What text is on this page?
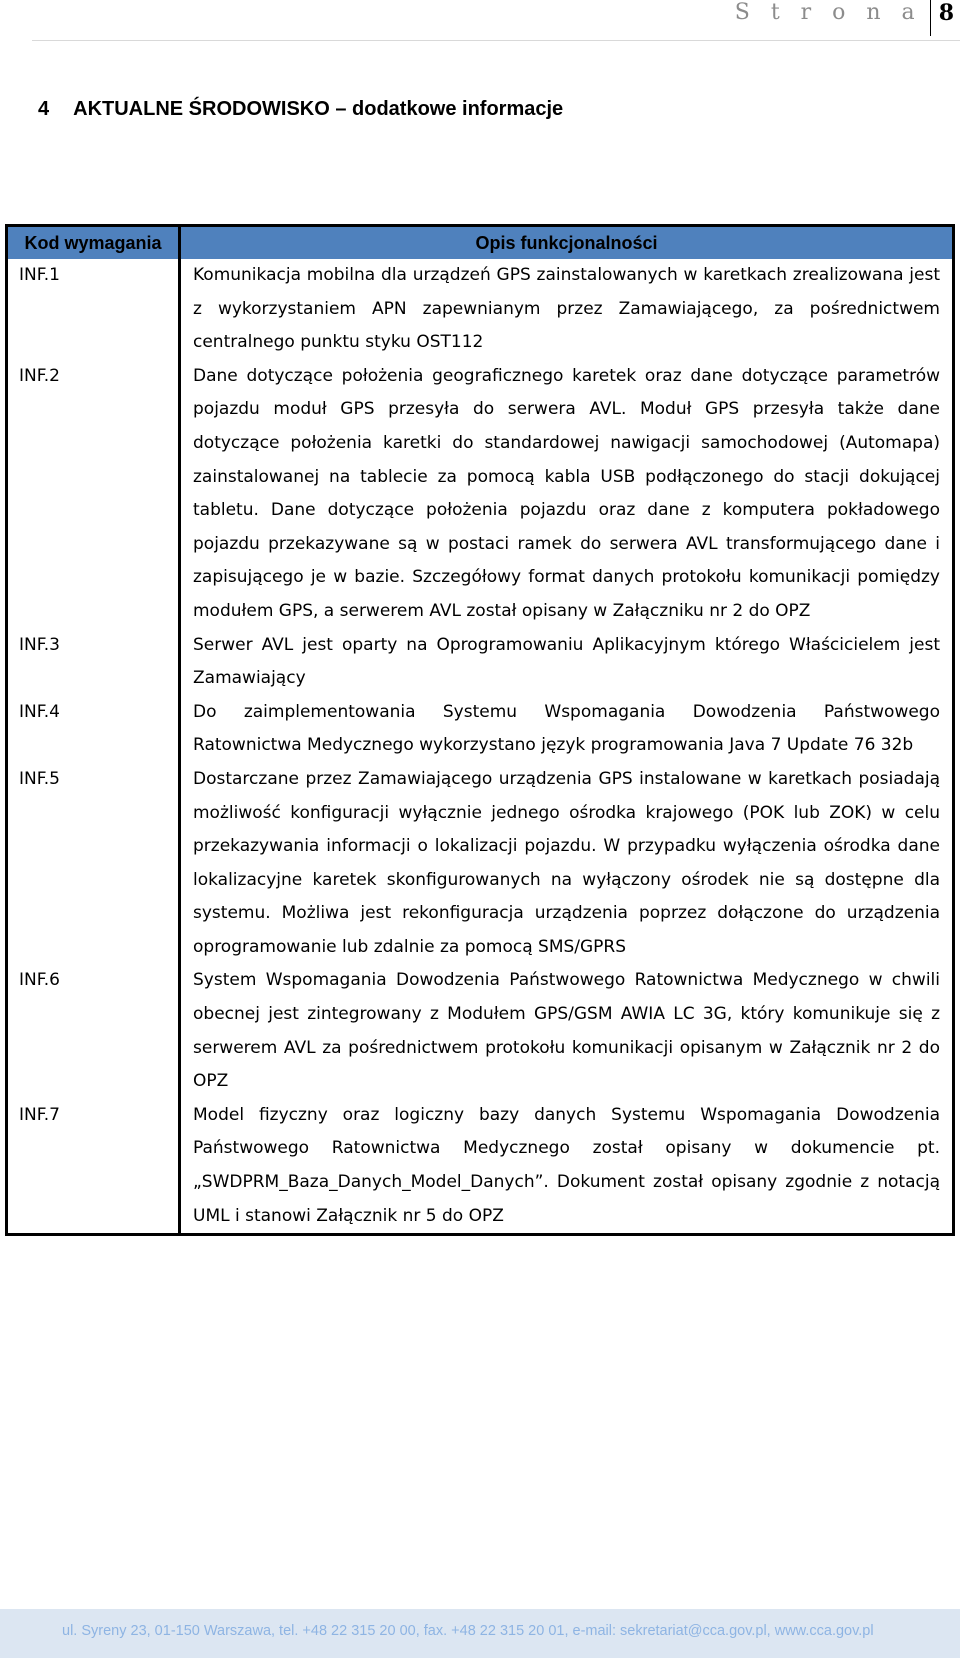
S t r o n a 8
4 AKTUALNE ŚRODOWISKO – dodatkowe informacje
Kod wymagania	Opis funkcjonalności
INF.1	Komunikacja mobilna dla urządzeń GPS zainstalowanych w karetkach zrealizowana jest z wykorzystaniem APN zapewnianym przez Zamawiającego, za pośrednictwem centralnego punktu styku OST112
INF.2	Dane dotyczące położenia geograficznego karetek oraz dane dotyczące parametrów pojazdu moduł GPS przesyła do serwera AVL. Moduł GPS przesyła także dane dotyczące położenia karetki do standardowej nawigacji samochodowej (Automapa) zainstalowanej na tablecie za pomocą kabla USB podłączonego do stacji dokującej tabletu. Dane dotyczące położenia pojazdu oraz dane z komputera pokładowego pojazdu przekazywane są w postaci ramek do serwera AVL transformującego dane i zapisującego je w bazie. Szczegółowy format danych protokołu komunikacji pomiędzy modułem GPS, a serwerem AVL został opisany w Załączniku nr 2 do OPZ
INF.3	Serwer AVL jest oparty na Oprogramowaniu Aplikacyjnym którego Właścicielem jest Zamawiający
INF.4	Do zaimplementowania Systemu Wspomagania Dowodzenia Państwowego Ratownictwa Medycznego wykorzystano język programowania Java 7 Update 76 32b
INF.5	Dostarczane przez Zamawiającego urządzenia GPS instalowane w karetkach posiadają możliwość konfiguracji wyłącznie jednego ośrodka krajowego (POK lub ZOK) w celu przekazywania informacji o lokalizacji pojazdu. W przypadku wyłączenia ośrodka dane lokalizacyjne karetek skonfigurowanych na wyłączony ośrodek nie są dostępne dla systemu. Możliwa jest rekonfiguracja urządzenia poprzez dołączone do urządzenia oprogramowanie lub zdalnie za pomocą SMS/GPRS
INF.6	System Wspomagania Dowodzenia Państwowego Ratownictwa Medycznego w chwili obecnej jest zintegrowany z Modułem GPS/GSM AWIA LC 3G, który komunikuje się z serwerem AVL za pośrednictwem protokołu komunikacji opisanym w Załącznik nr 2 do OPZ
INF.7	Model fizyczny oraz logiczny bazy danych Systemu Wspomagania Dowodzenia Państwowego Ratownictwa Medycznego został opisany w dokumencie pt. „SWDPRM_Baza_Danych_Model_Danych”. Dokument został opisany zgodnie z notacją UML i stanowi Załącznik nr 5 do OPZ
ul. Syreny 23, 01-150 Warszawa, tel. +48 22 315 20 00, fax. +48 22 315 20 01, e-mail: sekretariat@cca.gov.pl, www.cca.gov.pl
